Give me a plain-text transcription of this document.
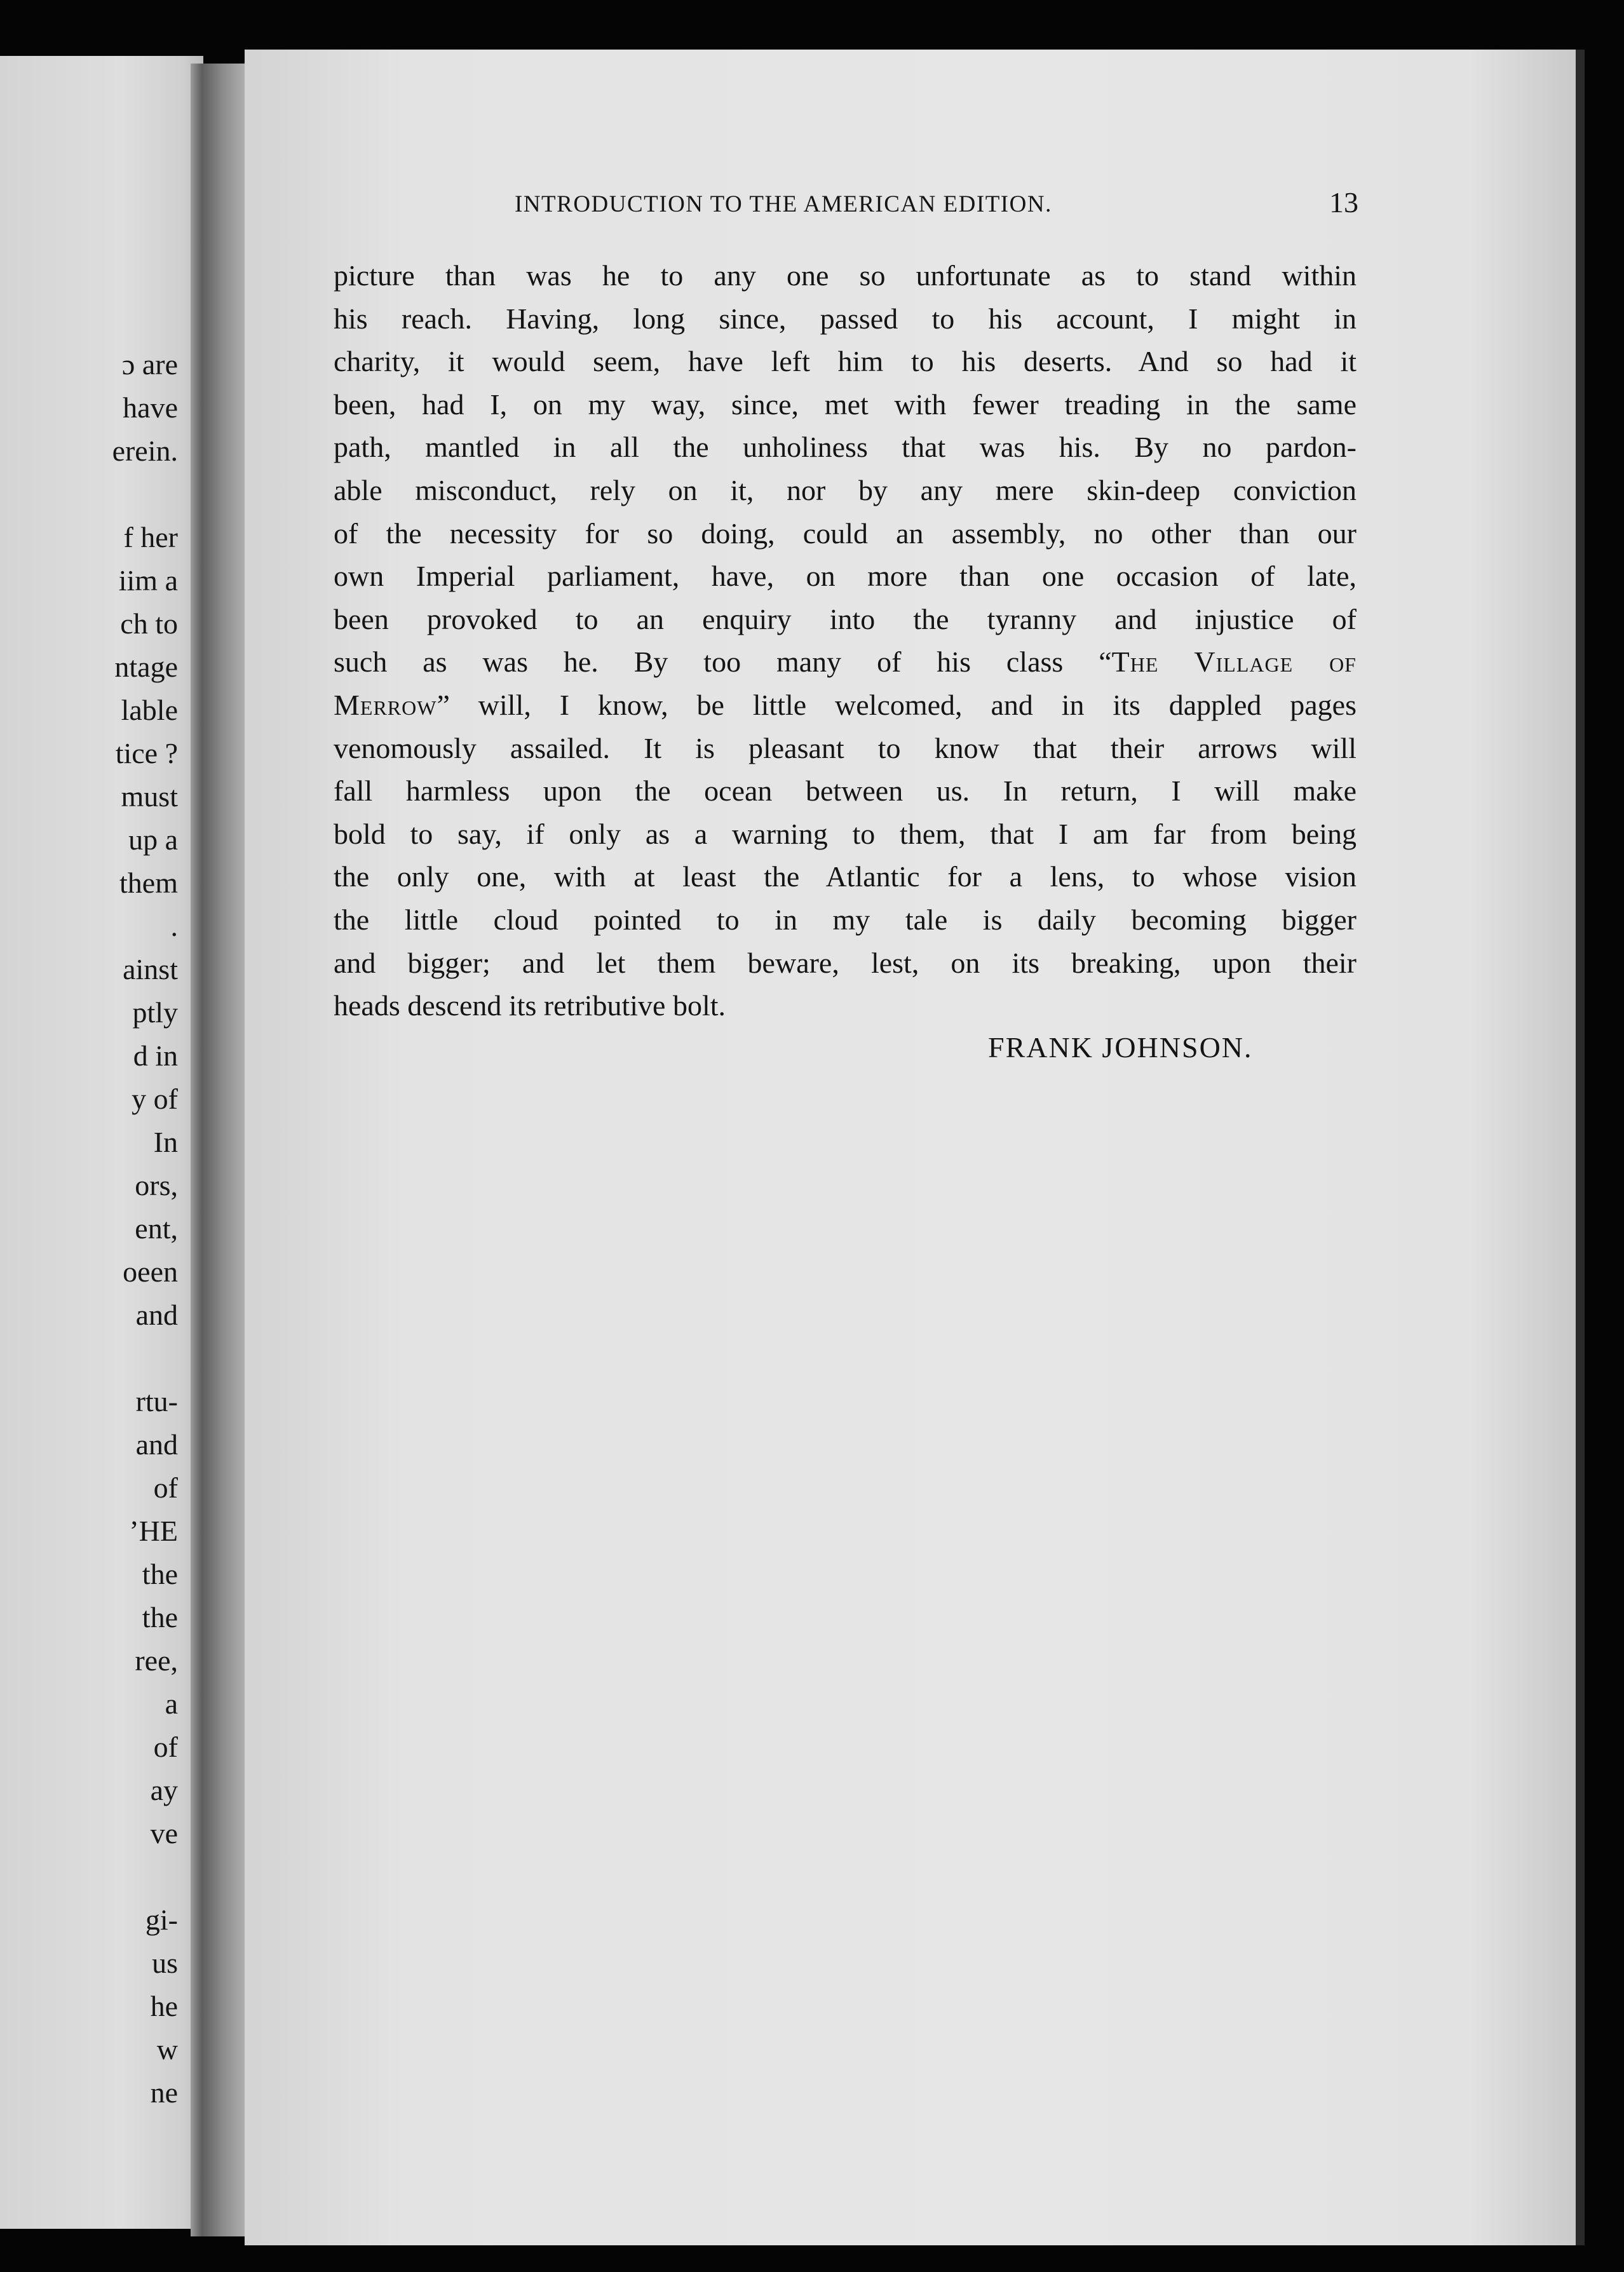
ɔ are
have
erein.

f her
iim a
ch to
ntage
lable
tice ?
must
up a
them
.
ainst
ptly
d in
y of
In
ors,
ent,
oeen
and

rtu-
and
of
ʼHE
the
the
ree,
a
of
ay
ve

gi-
us
he
w
ne
INTRODUCTION TO THE AMERICAN EDITION.	13
picture than was he to any one so unfortunate as to stand within
his reach. Having, long since, passed to his account, I might in
charity, it would seem, have left him to his deserts. And so had it
been, had I, on my way, since, met with fewer treading in the same
path, mantled in all the unholiness that was his. By no pardon-
able misconduct, rely on it, nor by any mere skin-deep conviction
of the necessity for so doing, could an assembly, no other than our
own Imperial parliament, have, on more than one occasion of late,
been provoked to an enquiry into the tyranny and injustice of
such as was he. By too many of his class “The Village of
Merrow” will, I know, be little welcomed, and in its dappled pages
venomously assailed. It is pleasant to know that their arrows will
fall harmless upon the ocean between us. In return, I will make
bold to say, if only as a warning to them, that I am far from being
the only one, with at least the Atlantic for a lens, to whose vision
the little cloud pointed to in my tale is daily becoming bigger
and bigger; and let them beware, lest, on its breaking, upon their
heads descend its retributive bolt.
FRANK JOHNSON.
